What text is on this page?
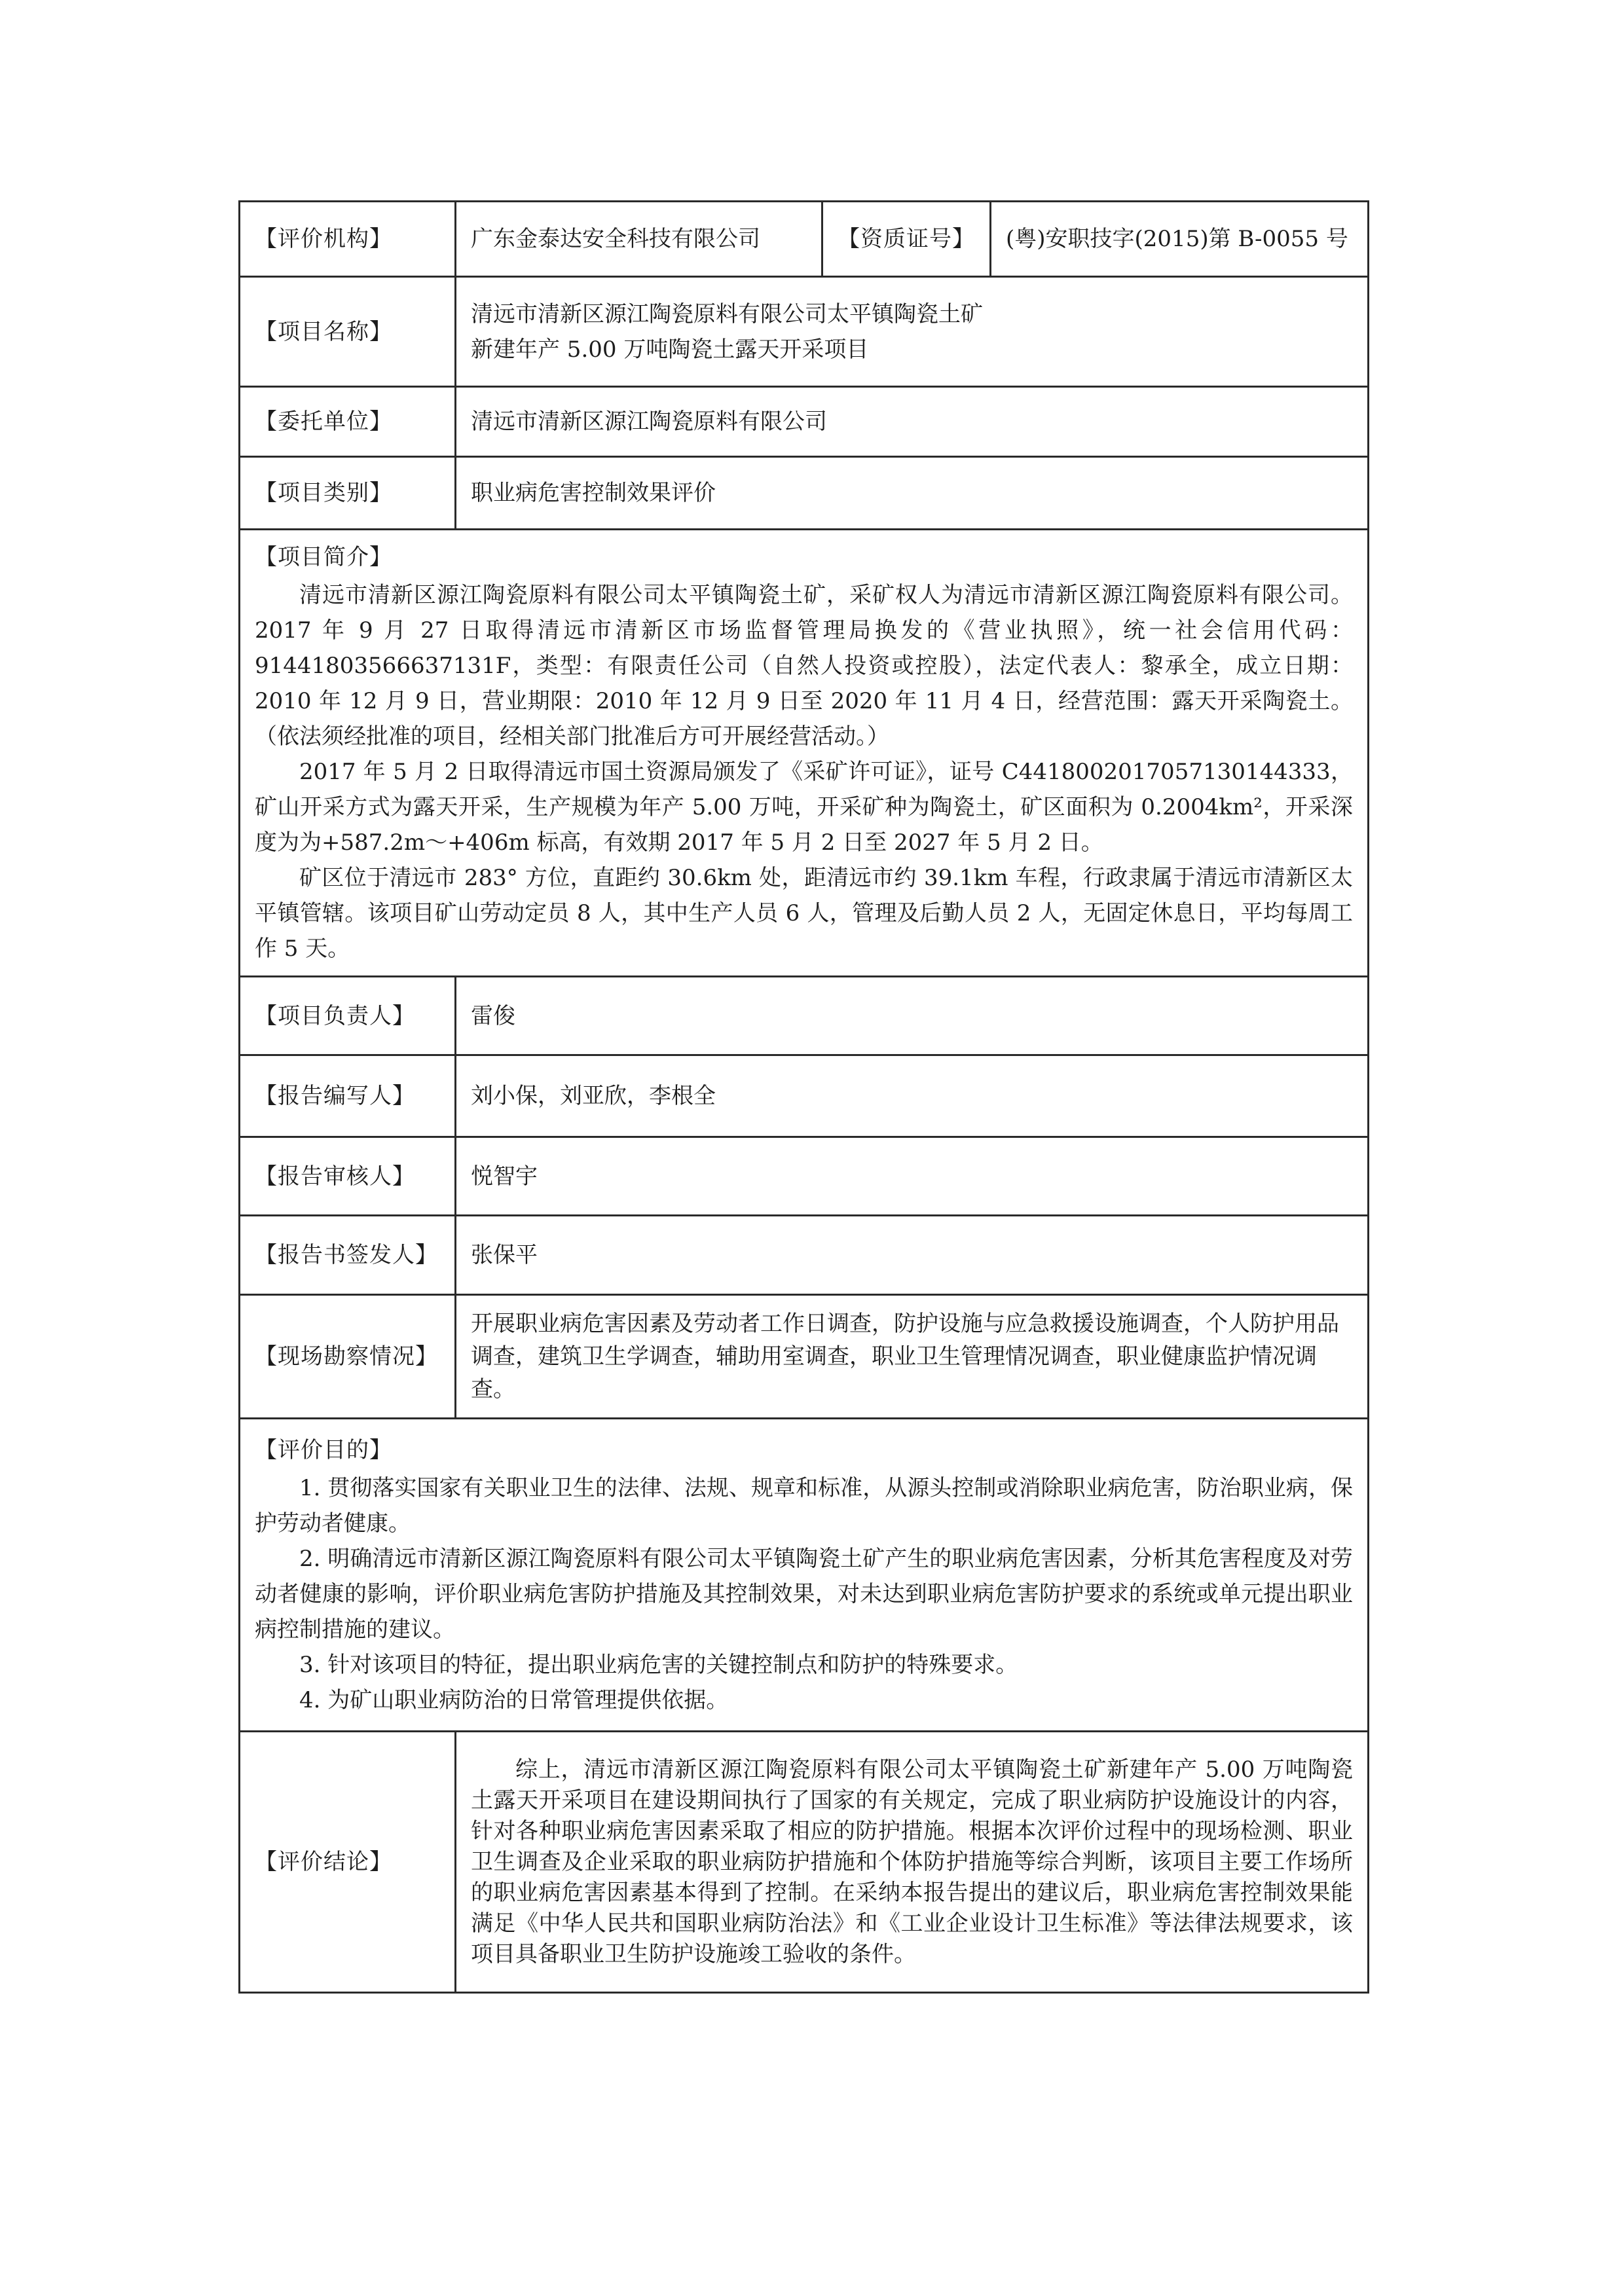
【评价机构】	广东金泰达安全科技有限公司	【资质证号】	(粤)安职技字(2015)第 B-0055 号
【项目名称】	清远市清新区源江陶瓷原料有限公司太平镇陶瓷土矿
新建年产 5.00 万吨陶瓷土露天开采项目		

【委托单位】	清远市清新区源江陶瓷原料有限公司		
【项目类别】	职业病危害控制效果评价		

【项目简介】

清远市清新区源江陶瓷原料有限公司太平镇陶瓷土矿，采矿权人为清远市清新区源江陶瓷原料有限公司。2017 年 9 月 27 日取得清远市清新区市场监督管理局换发的《营业执照》，统一社会信用代码：91441803566637131F，类型：有限责任公司（自然人投资或控股），法定代表人：黎承全，成立日期：2010 年 12 月 9 日，营业期限：2010 年 12 月 9 日至 2020 年 11 月 4 日，经营范围：露天开采陶瓷土。（依法须经批准的项目，经相关部门批准后方可开展经营活动。）

2017 年 5 月 2 日取得清远市国土资源局颁发了《采矿许可证》，证号 C4418002017057130144333，矿山开采方式为露天开采，生产规模为年产 5.00 万吨，开采矿种为陶瓷土，矿区面积为 0.2004km²，开采深度为为+587.2m～+406m 标高，有效期 2017 年 5 月 2 日至 2027 年 5 月 2 日。

矿区位于清远市 283° 方位，直距约 30.6km 处，距清远市约 39.1km 车程，行政隶属于清远市清新区太平镇管辖。该项目矿山劳动定员 8 人，其中生产人员 6 人，管理及后勤人员 2 人，无固定休息日，平均每周工作 5 天。			

【项目负责人】	雷俊		
【报告编写人】	刘小保，刘亚欣，李根全		
【报告审核人】	悦智宇		
【报告书签发人】	张保平		
【现场勘察情况】	开展职业病危害因素及劳动者工作日调查，防护设施与应急救援设施调查，个人防护用品调查，建筑卫生学调查，辅助用室调查，职业卫生管理情况调查，职业健康监护情况调查。		

【评价目的】

1. 贯彻落实国家有关职业卫生的法律、法规、规章和标准，从源头控制或消除职业病危害，防治职业病，保护劳动者健康。

2. 明确清远市清新区源江陶瓷原料有限公司太平镇陶瓷土矿产生的职业病危害因素，分析其危害程度及对劳动者健康的影响，评价职业病危害防护措施及其控制效果，对未达到职业病危害防护要求的系统或单元提出职业病控制措施的建议。

3. 针对该项目的特征，提出职业病危害的关键控制点和防护的特殊要求。

4. 为矿山职业病防治的日常管理提供依据。			

【评价结论】	综上，清远市清新区源江陶瓷原料有限公司太平镇陶瓷土矿新建年产 5.00 万吨陶瓷土露天开采项目在建设期间执行了国家的有关规定，完成了职业病防护设施设计的内容，针对各种职业病危害因素采取了相应的防护措施。根据本次评价过程中的现场检测、职业卫生调查及企业采取的职业病防护措施和个体防护措施等综合判断，该项目主要工作场所的职业病危害因素基本得到了控制。在采纳本报告提出的建议后，职业病危害控制效果能满足《中华人民共和国职业病防治法》和《工业企业设计卫生标准》等法律法规要求，该项目具备职业卫生防护设施竣工验收的条件。		
